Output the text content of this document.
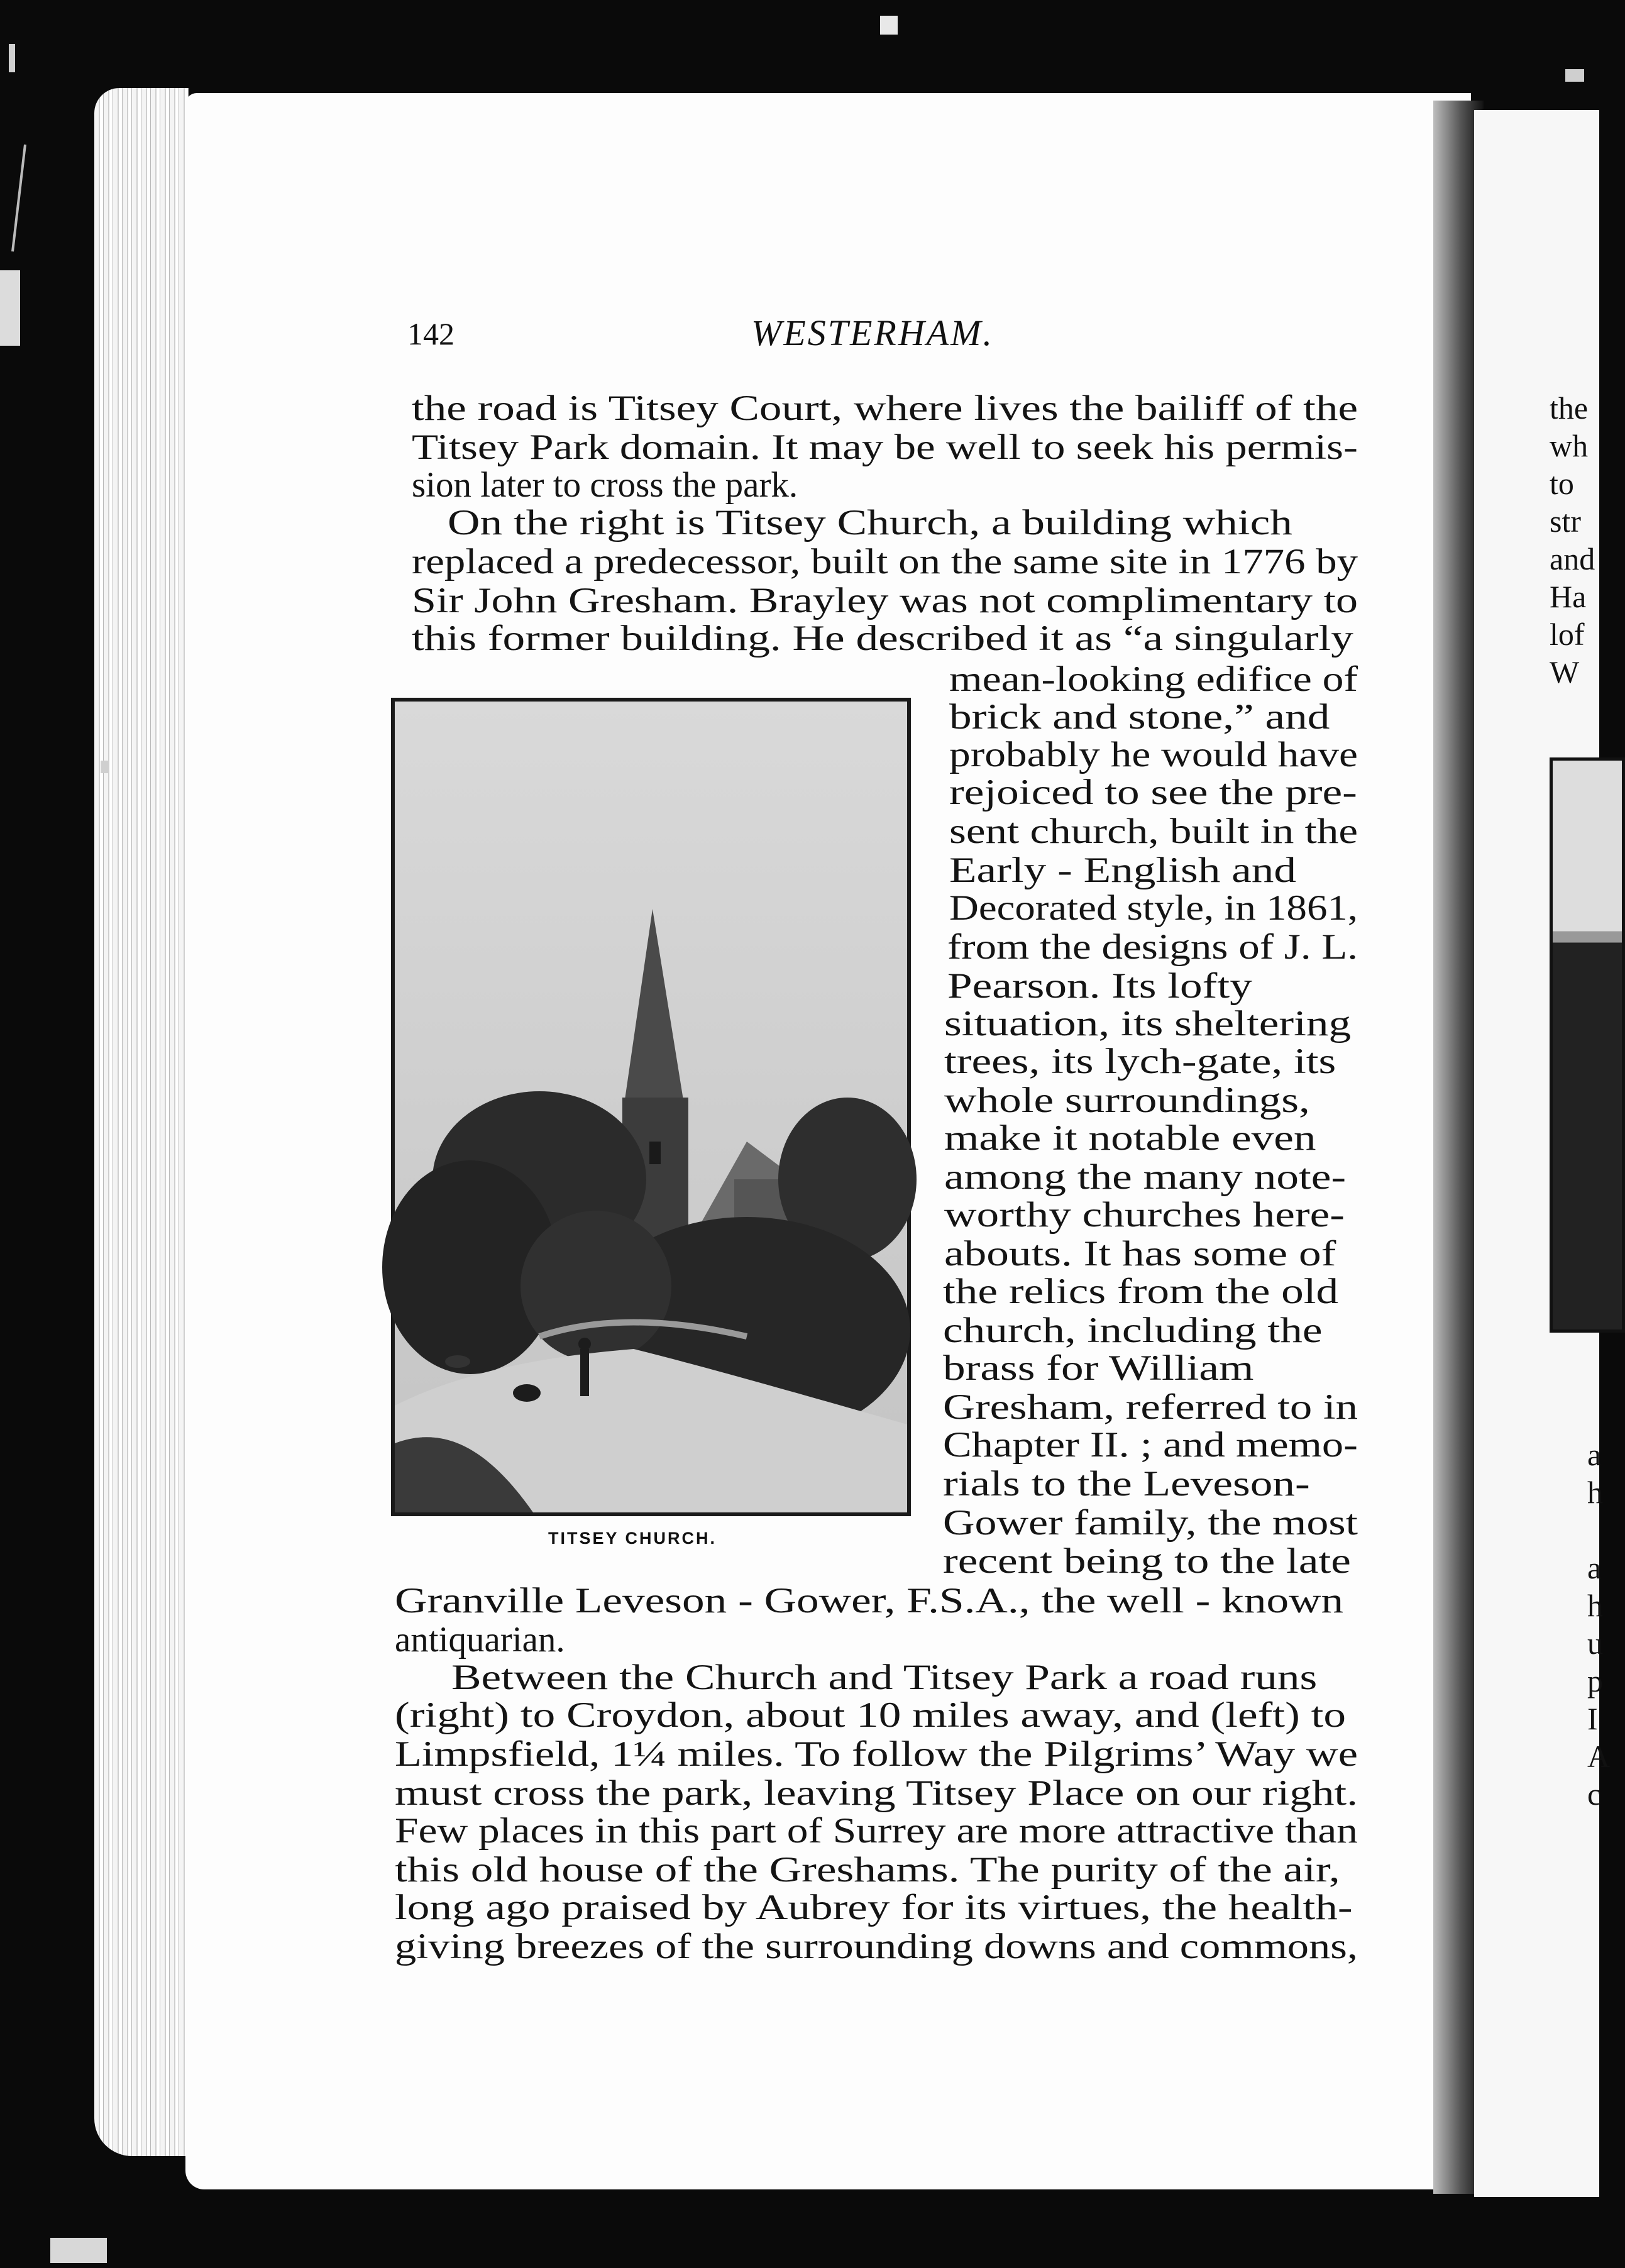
the
wh
to
str
and
Ha
lof
W
a
h
a
h
u
p
I
A
c
142	WESTERHAM.
the road is Titsey Court, where lives the bailiff of the
Titsey Park domain. It may be well to seek his permis-
sion later to cross the park.
On the right is Titsey Church, a building which
replaced a predecessor, built on the same site in 1776 by
Sir John Gresham. Brayley was not complimentary to
this former building. He described it as “a singularly
mean-looking edifice of
brick and stone,” and
probably he would have
rejoiced to see the pre-
sent church, built in the
Early - English and
Decorated style, in 1861,
from the designs of J. L.
Pearson. Its lofty
situation, its sheltering
trees, its lych-gate, its
whole surroundings,
make it notable even
among the many note-
worthy churches here-
abouts. It has some of
the relics from the old
church, including the
brass for William
Gresham, referred to in
Chapter II. ; and memo-
rials to the Leveson-
Gower family, the most
recent being to the late
Granville Leveson - Gower, F.S.A., the well - known
antiquarian.
Between the Church and Titsey Park a road runs
(right) to Croydon, about 10 miles away, and (left) to
Limpsfield, 1¼ miles. To follow the Pilgrims’ Way we
must cross the park, leaving Titsey Place on our right.
Few places in this part of Surrey are more attractive than
this old house of the Greshams. The purity of the air,
long ago praised by Aubrey for its virtues, the health-
giving breezes of the surrounding downs and commons,
TITSEY CHURCH.
